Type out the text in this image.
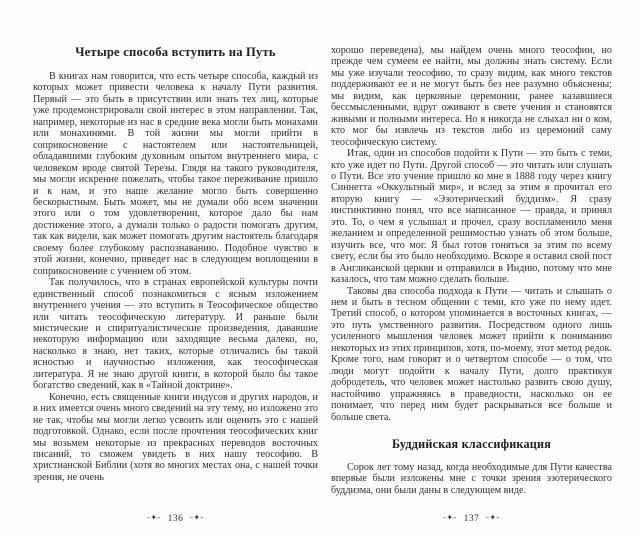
Четыре способа вступить на Путь

В книгах нам говорится, что есть четыре способа, каждый из которых может привести человека к началу Пути развития. Первый — это быть в присутствии или знать тех лиц, которые уже продемонстрировали свой интерес в этом направлении. Так, например, некоторые из нас в средние века могли быть монахами или монахинями. В той жизни мы могли прийти в соприкосновение с настоятелем или настоятельницей, обладавшими глубоким духовным опытом внутреннего мира, с человеком вроде святой Терезы. Глядя на такого руководителя, мы могли искренне пожелать, чтобы такое переживание пришло и к нам, и это наше желание могло быть совершенно бескорыстным. Быть может, мы не думали обо всем значении этого или о том удовлетворении, которое дало бы нам достижение этого, а думали только о радости помогать другим, так как видели, как может помогать другим настоятель благодаря своему более глубокому распознаванию. Подобное чувство в этой жизни, конечно, приведет нас в следующем воплощении в соприкосновение с учением об этом.

Так получилось, что в странах европейской культуры почти единственный способ познакомиться с ясным изложением внутреннего учения — это вступить в Теософическое общество или читать теософическую литературу. И раньше были мистические и спиритуалистические произведения, дававшие некоторую информацию или заходящие весьма далеко, но, насколько я знаю, нет таких, которые отличались бы такой ясностью и научностью изложения, как теософическая литература. Я не знаю другой книги, в которой было бы такое богатство сведений, как в «Тайной доктрине».

Конечно, есть священные книги индусов и других народов, и в них имеется очень много сведений на эту тему, но изложено это не так, чтобы мы могли легко усвоить или оценить это с нашей подготовкой. Однако, если после прочтения теософических книг мы возьмем некоторые из прекрасных переводов восточных писаний, то сможем увидеть в них нашу теософию. В христианской Библии (хотя во многих местах она, с нашей точки зрения, не очень

-✦- 136 -✦-

хорошо переведена), мы найдем очень много теософии, но прежде чем сумеем ее найти, мы должны знать систему. Если мы уже изучали теософию, то сразу видим, как много текстов поддерживают ее и не могут быть без нее разумно объяснены; мы видим, как церковные церемонии, ранее казавшиеся бессмысленными, вдруг оживают в свете учения и становятся живыми и полными интереса. Но я никогда не слыхал ни о ком, кто мог бы извлечь из текстов либо из церемоний саму теософическую систему.

Итак, один из способов подойти к Пути — это быть с теми, кто уже идет по Пути. Другой способ — это читать или слушать о Пути. Все это учение пришло ко мне в 1888 году через книгу Синнетта «Оккультный мир», и вслед за этим я прочитал его вторую книгу — «Эзотерический буддизм». Я сразу инстинктивно понял, что все написанное — правда, и принял это. То, о чем я услышал и прочел, сразу воспламенило меня желанием и определенной решимостью узнать об этом больше, изучить все, что мог. Я был готов гоняться за этим по всему свету, если бы это было необходимо. Вскоре я оставил свой пост в Англиканской церкви и отправился в Индию, потому что мне казалось, что там можно сделать больше.

Таковы два способа подхода к Пути — читать и слышать о нем и быть в тесном общении с теми, кто уже по нему идет. Третий способ, о котором упоминается в восточных книгах, — это путь умственного развития. Посредством одного лишь усиленного мышления человек может прийти к пониманию некоторых из этих принципов, хотя, по-моему, этот метод редок. Кроме того, нам говорят и о четвертом способе — о том, что люди могут подойти к началу Пути, долго практикуя добродетель, что человек может настолько развить свою душу, настойчиво упражняясь в праведности, насколько он ее понимает, что перед ним будет раскрываться все больше и больше света.

Буддийская классификация

Сорок лет тому назад, когда необходимые для Пути качества впервые были изложены мне с точки зрения эзотерического буддизма, они были даны в следующем виде.

-✦- 137 -✦-
